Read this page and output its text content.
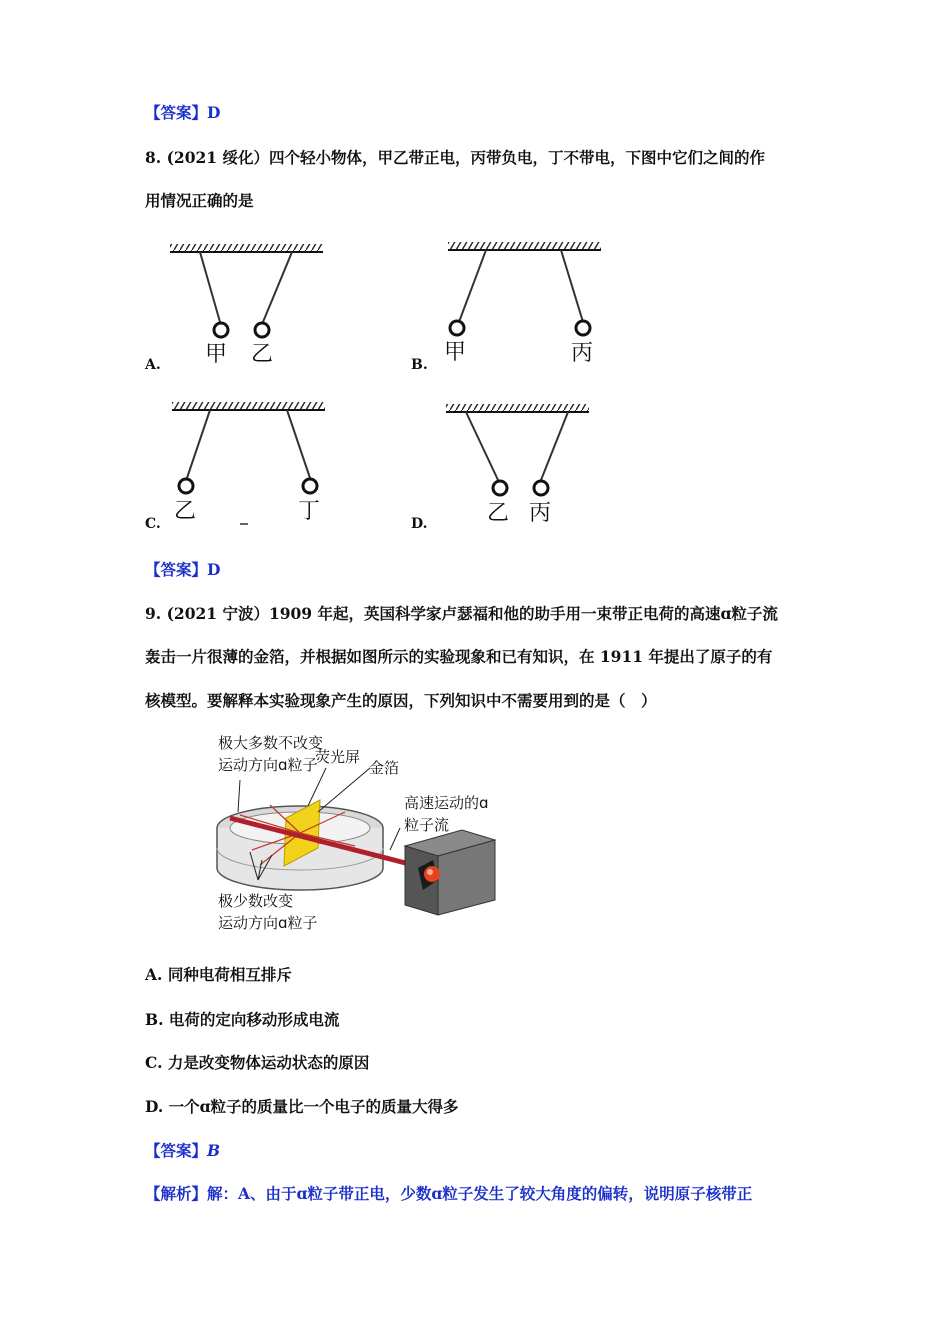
【答案】D
8. (2021 绥化）四个轻小物体，甲乙带正电，丙带负电，丁不带电，下图中它们之间的作
用情况正确的是
甲 乙	甲	丙
乙	丁	乙 丙
A.	B.
C.	D.
【答案】D
9. (2021 宁波）1909 年起，英国科学家卢瑟福和他的助手用一束带正电荷的高速ɑ粒子流
轰击一片很薄的金箔，并根据如图所示的实验现象和已有知识，在 1911 年提出了原子的有
核模型。要解释本实验现象产生的原因，下列知识中不需要用到的是（　）
极大多数不改变
运动方向ɑ粒子
荧光屏
金箔
高速运动的ɑ
粒子流
极少数改变
运动方向ɑ粒子
A. 同种电荷相互排斥
B. 电荷的定向移动形成电流
C. 力是改变物体运动状态的原因
D. 一个ɑ粒子的质量比一个电子的质量大得多
【答案】B
【解析】解：A、由于ɑ粒子带正电，少数ɑ粒子发生了较大角度的偏转，说明原子核带正
